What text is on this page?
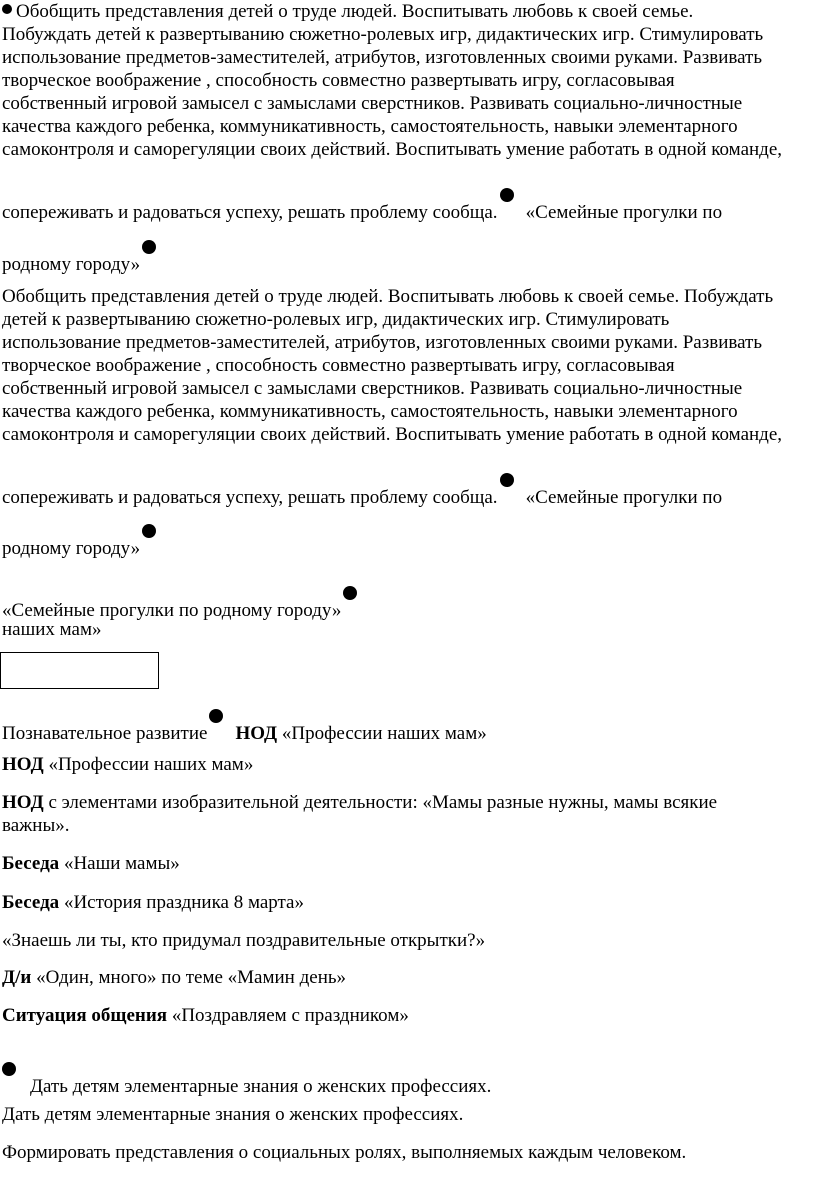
Обобщить представления детей о труде людей. Воспитывать любовь к своей семье.
Побуждать детей к развертыванию сюжетно-ролевых игр, дидактических игр. Стимулировать
использование предметов-заместителей, атрибутов, изготовленных своими руками. Развивать
творческое воображение , способность совместно развертывать игру, согласовывая
собственный игровой замысел с замыслами сверстников. Развивать социально-личностные
качества каждого ребенка, коммуникативность, самостоятельность, навыки элементарного
самоконтроля и саморегуляции своих действий. Воспитывать умение работать в одной команде,
сопереживать и радоваться успеху, решать проблему сообща. «Семейные прогулки по
родному городу»
Обобщить представления детей о труде людей. Воспитывать любовь к своей семье. Побуждать
детей к развертыванию сюжетно-ролевых игр, дидактических игр. Стимулировать
использование предметов-заместителей, атрибутов, изготовленных своими руками. Развивать
творческое воображение , способность совместно развертывать игру, согласовывая
собственный игровой замысел с замыслами сверстников. Развивать социально-личностные
качества каждого ребенка, коммуникативность, самостоятельность, навыки элементарного
самоконтроля и саморегуляции своих действий. Воспитывать умение работать в одной команде,
сопереживать и радоваться успеху, решать проблему сообща. «Семейные прогулки по
родному городу»
«Семейные прогулки по родному городу»
наших мам»
Познавательное развитие НОД «Профессии наших мам»
НОД «Профессии наших мам»
НОД с элементами изобразительной деятельности: «Мамы разные нужны, мамы всякие
важны».
Беседа «Наши мамы»
Беседа «История праздника 8 марта»
«Знаешь ли ты, кто придумал поздравительные открытки?»
Д/и «Один, много» по теме «Мамин день»
Ситуация общения «Поздравляем с праздником»
Дать детям элементарные знания о женских профессиях.
Дать детям элементарные знания о женских профессиях.
Формировать представления о социальных ролях, выполняемых каждым человеком.
